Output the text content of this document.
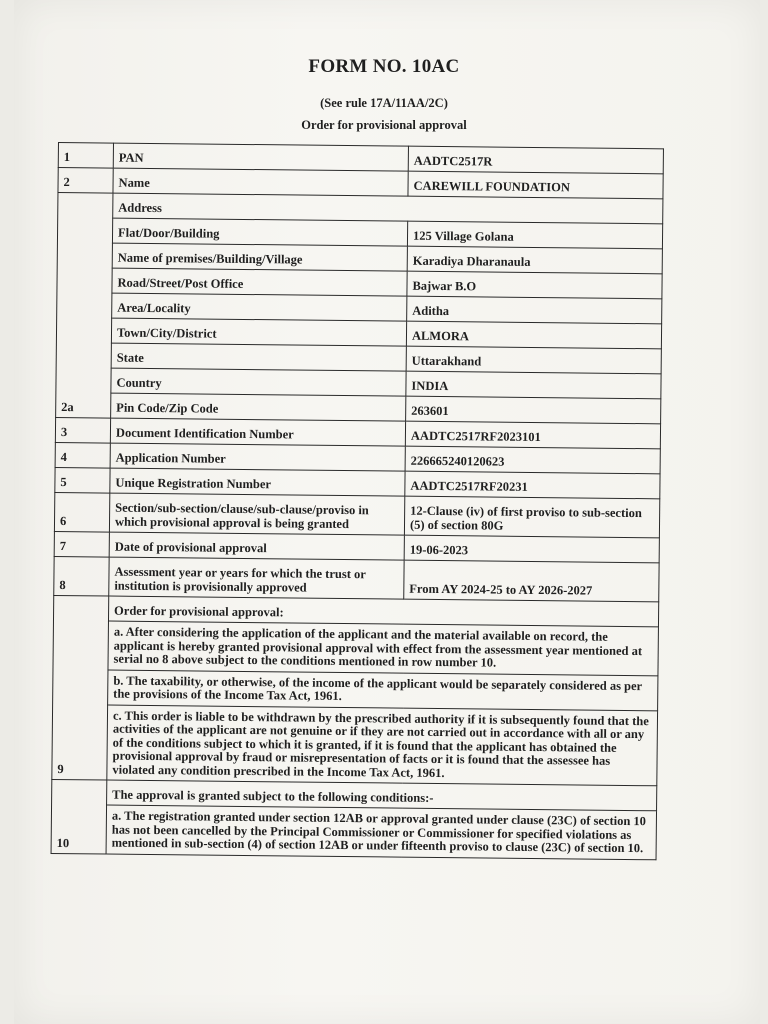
FORM NO. 10AC
(See rule 17A/11AA/2C)
Order for provisional approval
1	PAN	AADTC2517R
2	Name	CAREWILL FOUNDATION
2a	Address	
	Flat/Door/Building	125 Village Golana
	Name of premises/Building/Village	Karadiya Dharanaula
	Road/Street/Post Office	Bajwar B.O
	Area/Locality	Aditha
	Town/City/District	ALMORA
	State	Uttarakhand
	Country	INDIA
	Pin Code/Zip Code	263601
3	Document Identification Number	AADTC2517RF2023101
4	Application Number	226665240120623
5	Unique Registration Number	AADTC2517RF20231
6	Section/sub-section/clause/sub-clause/proviso in which provisional approval is being granted	12-Clause (iv) of first proviso to sub-section (5) of section 80G
7	Date of provisional approval	19-06-2023
8	Assessment year or years for which the trust or institution is provisionally approved	From AY 2024-25 to AY 2026-2027
9	Order for provisional approval:	
	a. After considering the application of the applicant and the material available on record, the applicant is hereby granted provisional approval with effect from the assessment year mentioned at serial no 8 above subject to the conditions mentioned in row number 10.	
	b. The taxability, or otherwise, of the income of the applicant would be separately considered as per the provisions of the Income Tax Act, 1961.	
	c. This order is liable to be withdrawn by the prescribed authority if it is subsequently found that the activities of the applicant are not genuine or if they are not carried out in accordance with all or any of the conditions subject to which it is granted, if it is found that the applicant has obtained the provisional approval by fraud or misrepresentation of facts or it is found that the assessee has violated any condition prescribed in the Income Tax Act, 1961.	
10	The approval is granted subject to the following conditions:-	
	a. The registration granted under section 12AB or approval granted under clause (23C) of section 10 has not been cancelled by the Principal Commissioner or Commissioner for specified violations as mentioned in sub-section (4) of section 12AB or under fifteenth proviso to clause (23C) of section 10.	
